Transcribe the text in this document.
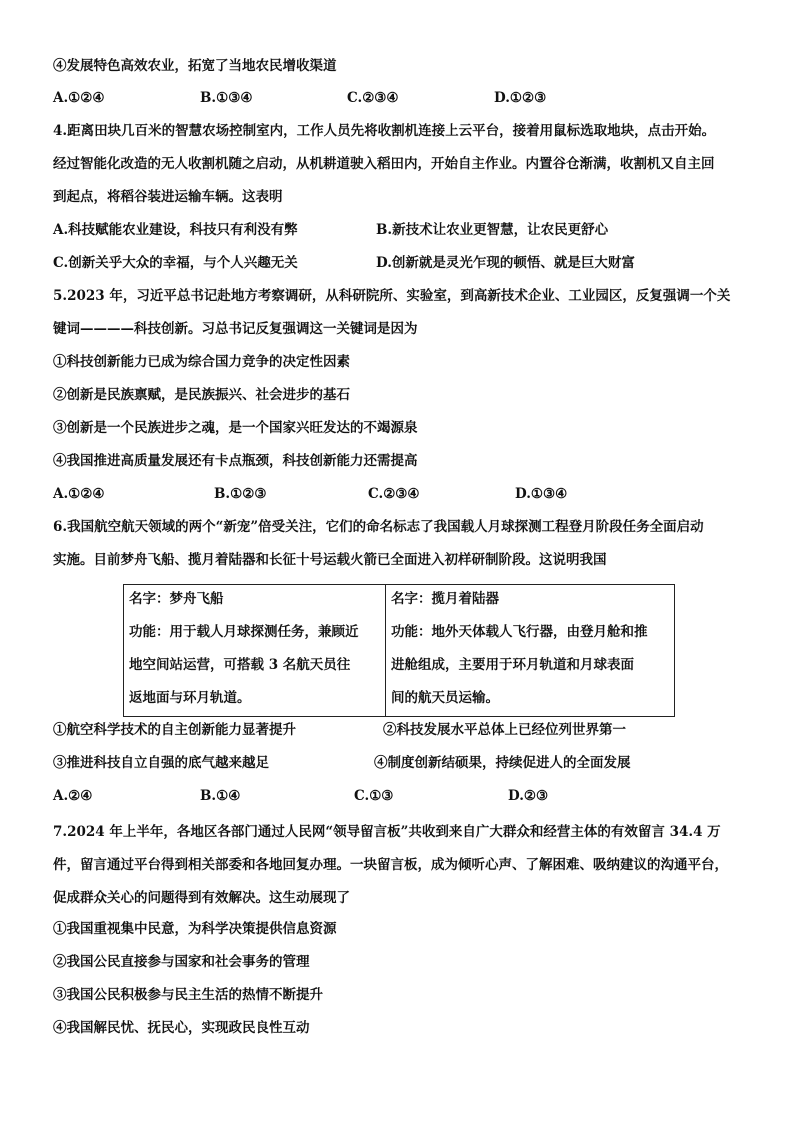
④发展特色高效农业，拓宽了当地农民增收渠道
A.①②④	B.①③④	C.②③④	D.①②③
4.距离田块几百米的智慧农场控制室内，工作人员先将收割机连接上云平台，接着用鼠标选取地块，点击开始。
经过智能化改造的无人收割机随之启动，从机耕道驶入稻田内，开始自主作业。内置谷仓渐满，收割机又自主回
到起点，将稻谷装进运输车辆。这表明
A.科技赋能农业建设，科技只有利没有弊	B.新技术让农业更智慧，让农民更舒心
C.创新关乎大众的幸福，与个人兴趣无关	D.创新就是灵光乍现的顿悟、就是巨大财富
5.2023 年，习近平总书记赴地方考察调研，从科研院所、实验室，到高新技术企业、工业园区，反复强调一个关
键词————科技创新。习总书记反复强调这一关键词是因为
①科技创新能力已成为综合国力竞争的决定性因素
②创新是民族禀赋，是民族振兴、社会进步的基石
③创新是一个民族进步之魂，是一个国家兴旺发达的不竭源泉
④我国推进高质量发展还有卡点瓶颈，科技创新能力还需提高
A.①②④	B.①②③	C.②③④	D.①③④
6.我国航空航天领域的两个“新宠”倍受关注，它们的命名标志了我国载人月球探测工程登月阶段任务全面启动
实施。目前梦舟飞船、揽月着陆器和长征十号运载火箭已全面进入初样研制阶段。这说明我国
名字：梦舟飞船
功能：用于载人月球探测任务，兼顾近
地空间站运营，可搭载 3 名航天员往
返地面与环月轨道。
名字：揽月着陆器
功能：地外天体载人飞行器，由登月舱和推
进舱组成，主要用于环月轨道和月球表面
间的航天员运输。
①航空科学技术的自主创新能力显著提升	②科技发展水平总体上已经位列世界第一
③推进科技自立自强的底气越来越足	④制度创新结硕果，持续促进人的全面发展
A.②④	B.①④	C.①③	D.②③
7.2024 年上半年，各地区各部门通过人民网“领导留言板”共收到来自广大群众和经营主体的有效留言 34.4 万
件，留言通过平台得到相关部委和各地回复办理。一块留言板，成为倾听心声、了解困难、吸纳建议的沟通平台，
促成群众关心的问题得到有效解决。这生动展现了
①我国重视集中民意，为科学决策提供信息资源
②我国公民直接参与国家和社会事务的管理
③我国公民积极参与民主生活的热情不断提升
④我国解民忧、抚民心，实现政民良性互动
